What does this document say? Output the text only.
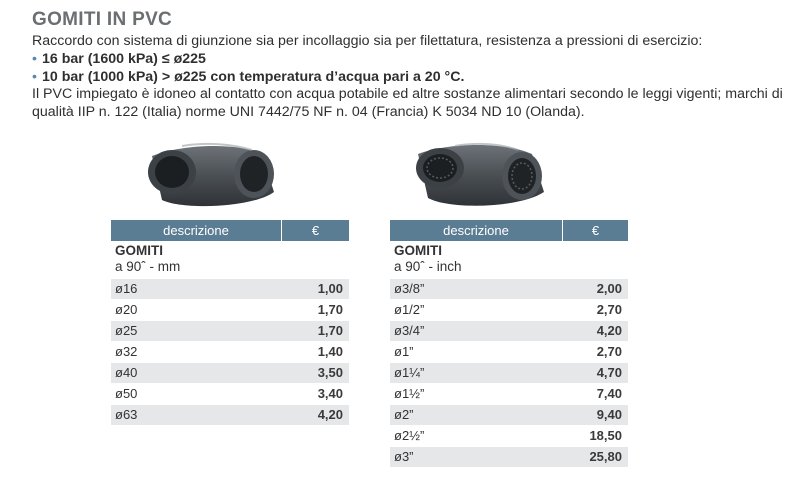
GOMITI IN PVC

Raccordo con sistema di giunzione sia per incollaggio sia per filettatura, resistenza a pressioni di esercizio:

• 16 bar (1600 kPa) ≤ ø225

• 10 bar (1000 kPa) > ø225 con temperatura d’acqua pari a 20 °C.

Il PVC impiegato è idoneo al contatto con acqua potabile ed altre sostanze alimentari secondo le leggi vigenti; marchi di qualità IIP n. 122 (Italia) norme UNI 7442/75 NF n. 04 (Francia) K 5034 ND 10 (Olanda).

descrizione	€
GOMITI
a 90ˆ - mm
ø16	1,00
ø20	1,70
ø25	1,70
ø32	1,40
ø40	3,50
ø50	3,40
ø63	4,20
descrizione	€
GOMITI
a 90ˆ - inch
ø3/8”	2,00
ø1/2”	2,70
ø3/4”	4,20
ø1”	2,70
ø1¼”	4,70
ø1½”	7,40
ø2”	9,40
ø2½”	18,50
ø3”	25,80
